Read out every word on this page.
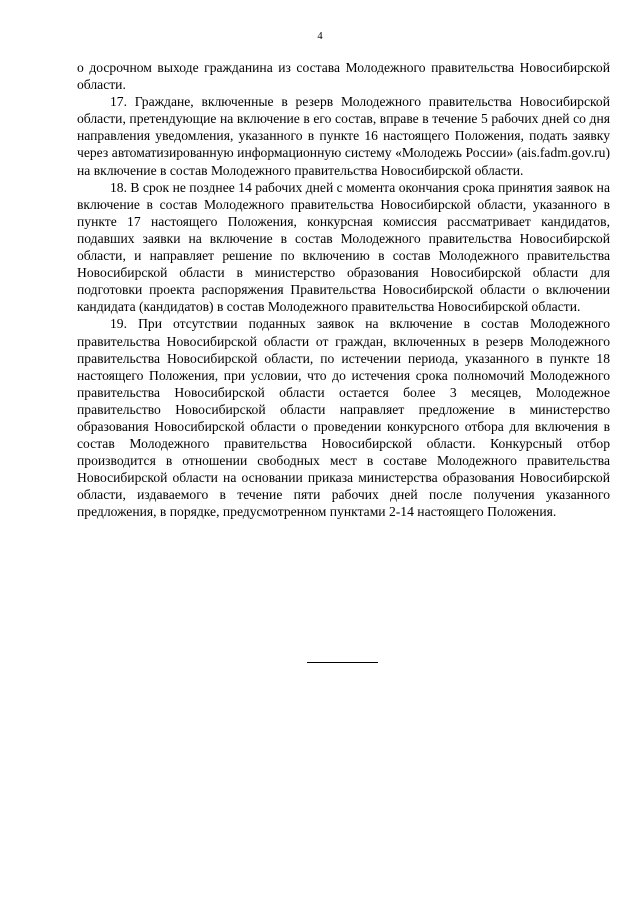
4

о досрочном выходе гражданина из состава Молодежного правительства Новосибирской области.

17. Граждане, включенные в резерв Молодежного правительства Новосибирской области, претендующие на включение в его состав, вправе в течение 5 рабочих дней со дня направления уведомления, указанного в пункте 16 настоящего Положения, подать заявку через автоматизированную информационную систему «Молодежь России» (ais.fadm.gov.ru) на включение в состав Молодежного правительства Новосибирской области.

18. В срок не позднее 14 рабочих дней с момента окончания срока принятия заявок на включение в состав Молодежного правительства Новосибирской области, указанного в пункте 17 настоящего Положения, конкурсная комиссия рассматривает кандидатов, подавших заявки на включение в состав Молодежного правительства Новосибирской области, и направляет решение по включению в состав Молодежного правительства Новосибирской области в министерство образования Новосибирской области для подготовки проекта распоряжения Правительства Новосибирской области о включении кандидата (кандидатов) в состав Молодежного правительства Новосибирской области.

19. При отсутствии поданных заявок на включение в состав Молодежного правительства Новосибирской области от граждан, включенных в резерв Молодежного правительства Новосибирской области, по истечении периода, указанного в пункте 18 настоящего Положения, при условии, что до истечения срока полномочий Молодежного правительства Новосибирской области остается более 3 месяцев, Молодежное правительство Новосибирской области направляет предложение в министерство образования Новосибирской области о проведении конкурсного отбора для включения в состав Молодежного правительства Новосибирской области. Конкурсный отбор производится в отношении свободных мест в составе Молодежного правительства Новосибирской области на основании приказа министерства образования Новосибирской области, издаваемого в течение пяти рабочих дней после получения указанного предложения, в порядке, предусмотренном пунктами 2-14 настоящего Положения.
